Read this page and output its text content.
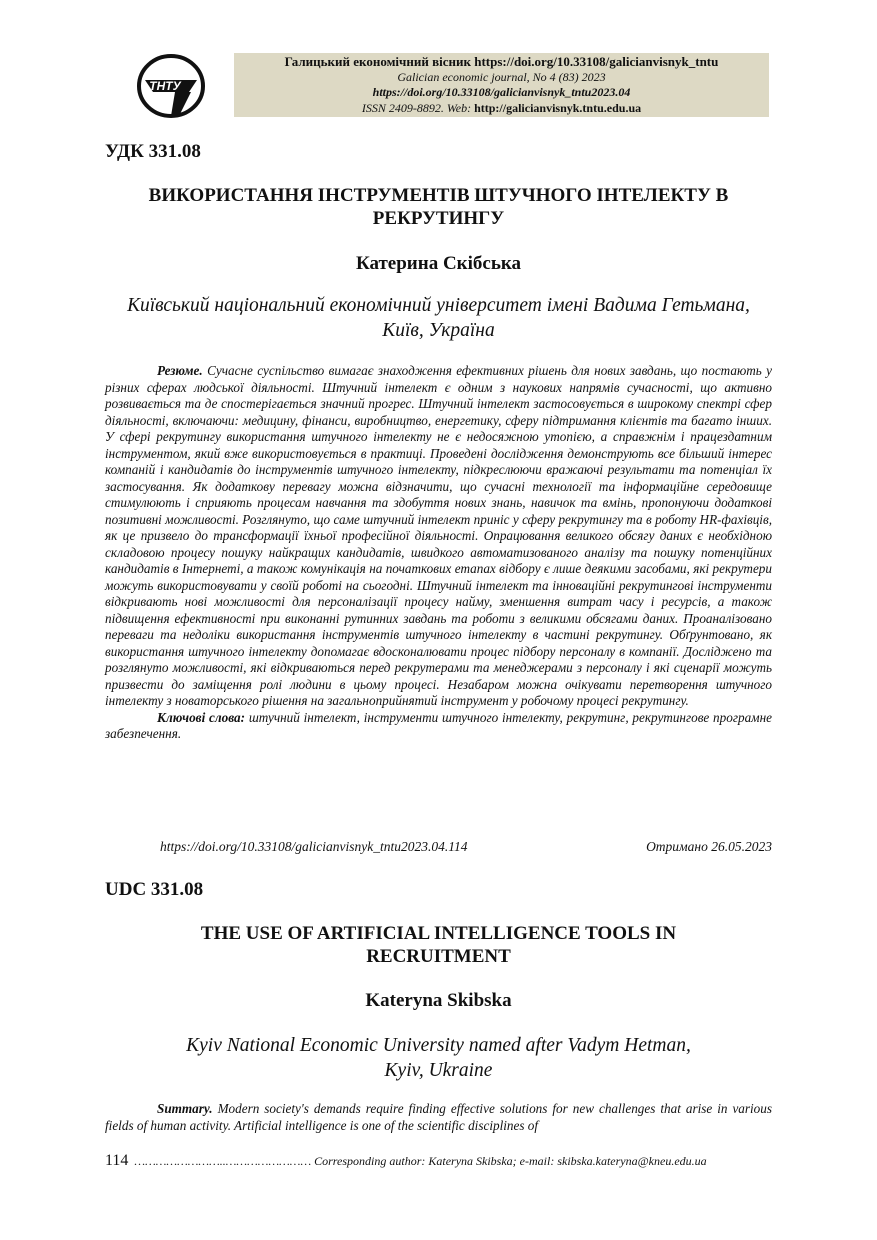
ТНТУ
Галицький економічний вісник https://doi.org/10.33108/galicianvisnyk_tntu
Galician economic journal, No 4 (83) 2023
https://doi.org/10.33108/galicianvisnyk_tntu2023.04
ISSN 2409-8892. Web: http://galicianvisnyk.tntu.edu.ua
УДК 331.08
ВИКОРИСТАННЯ ІНСТРУМЕНТІВ ШТУЧНОГО ІНТЕЛЕКТУ В
РЕКРУТИНГУ
Катерина Скібська
Київський національний економічний університет імені Вадима Гетьмана,
Київ, Україна

Резюме. Сучасне суспільство вимагає знаходження ефективних рішень для нових завдань, що постають у різних сферах людської діяльності. Штучний інтелект є одним з наукових напрямів сучасності, що активно розвивається та де спостерігається значний прогрес. Штучний інтелект застосовується в широкому спектрі сфер діяльності, включаючи: медицину, фінанси, виробництво, енергетику, сферу підтримання клієнтів та багато інших. У сфері рекрутингу використання штучного інтелекту не є недосяжною утопією, а справжнім і працездатним інструментом, який вже використовується в практиці. Проведені дослідження демонструють все більший інтерес компаній і кандидатів до інструментів штучного інтелекту, підкреслюючи вражаючі результати та потенціал їх застосування. Як додаткову перевагу можна відзначити, що сучасні технології та інформаційне середовище стимулюють і сприяють процесам навчання та здобуття нових знань, навичок та вмінь, пропонуючи додаткові позитивні можливості. Розглянуто, що саме штучний інтелект приніс у сферу рекрутингу та в роботу HR-фахівців, як це призвело до трансформації їхньої професійної діяльності. Опрацювання великого обсягу даних є необхідною складовою процесу пошуку найкращих кандидатів, швидкого автоматизованого аналізу та пошуку потенційних кандидатів в Інтернеті, а також комунікація на початкових етапах відбору є лише деякими засобами, які рекрутери можуть використовувати у своїй роботі на сьогодні. Штучний інтелект та інноваційні рекрутингові інструменти відкривають нові можливості для персоналізації процесу найму, зменшення витрат часу і ресурсів, а також підвищення ефективності при виконанні рутинних завдань та роботи з великими обсягами даних. Проаналізовано переваги та недоліки використання інструментів штучного інтелекту в частині рекрутингу. Обґрунтовано, як використання штучного інтелекту допомагає вдосконалювати процес підбору персоналу в компанії. Досліджено та розглянуто можливості, які відкриваються перед рекрутерами та менеджерами з персоналу і які сценарії можуть призвести до заміщення ролі людини в цьому процесі. Незабаром можна очікувати перетворення штучного інтелекту з новаторського рішення на загальноприйнятий інструмент у робочому процесі рекрутингу.

Ключові слова: штучний інтелект, інструменти штучного інтелекту, рекрутинг, рекрутингове програмне забезпечення.

https://doi.org/10.33108/galicianvisnyk_tntu2023.04.114	Отримано 26.05.2023
UDC 331.08
THE USE OF ARTIFICIAL INTELLIGENCE TOOLS IN
RECRUITMENT
Kateryna Skibska
Kyiv National Economic University named after Vadym Hetman,
Kyiv, Ukraine

Summary. Modern society's demands require finding effective solutions for new challenges that arise in various fields of human activity. Artificial intelligence is one of the scientific disciplines of

114 ……………………..…………………… Corresponding author: Kateryna Skibska; e-mail: skibska.kateryna@kneu.edu.ua
